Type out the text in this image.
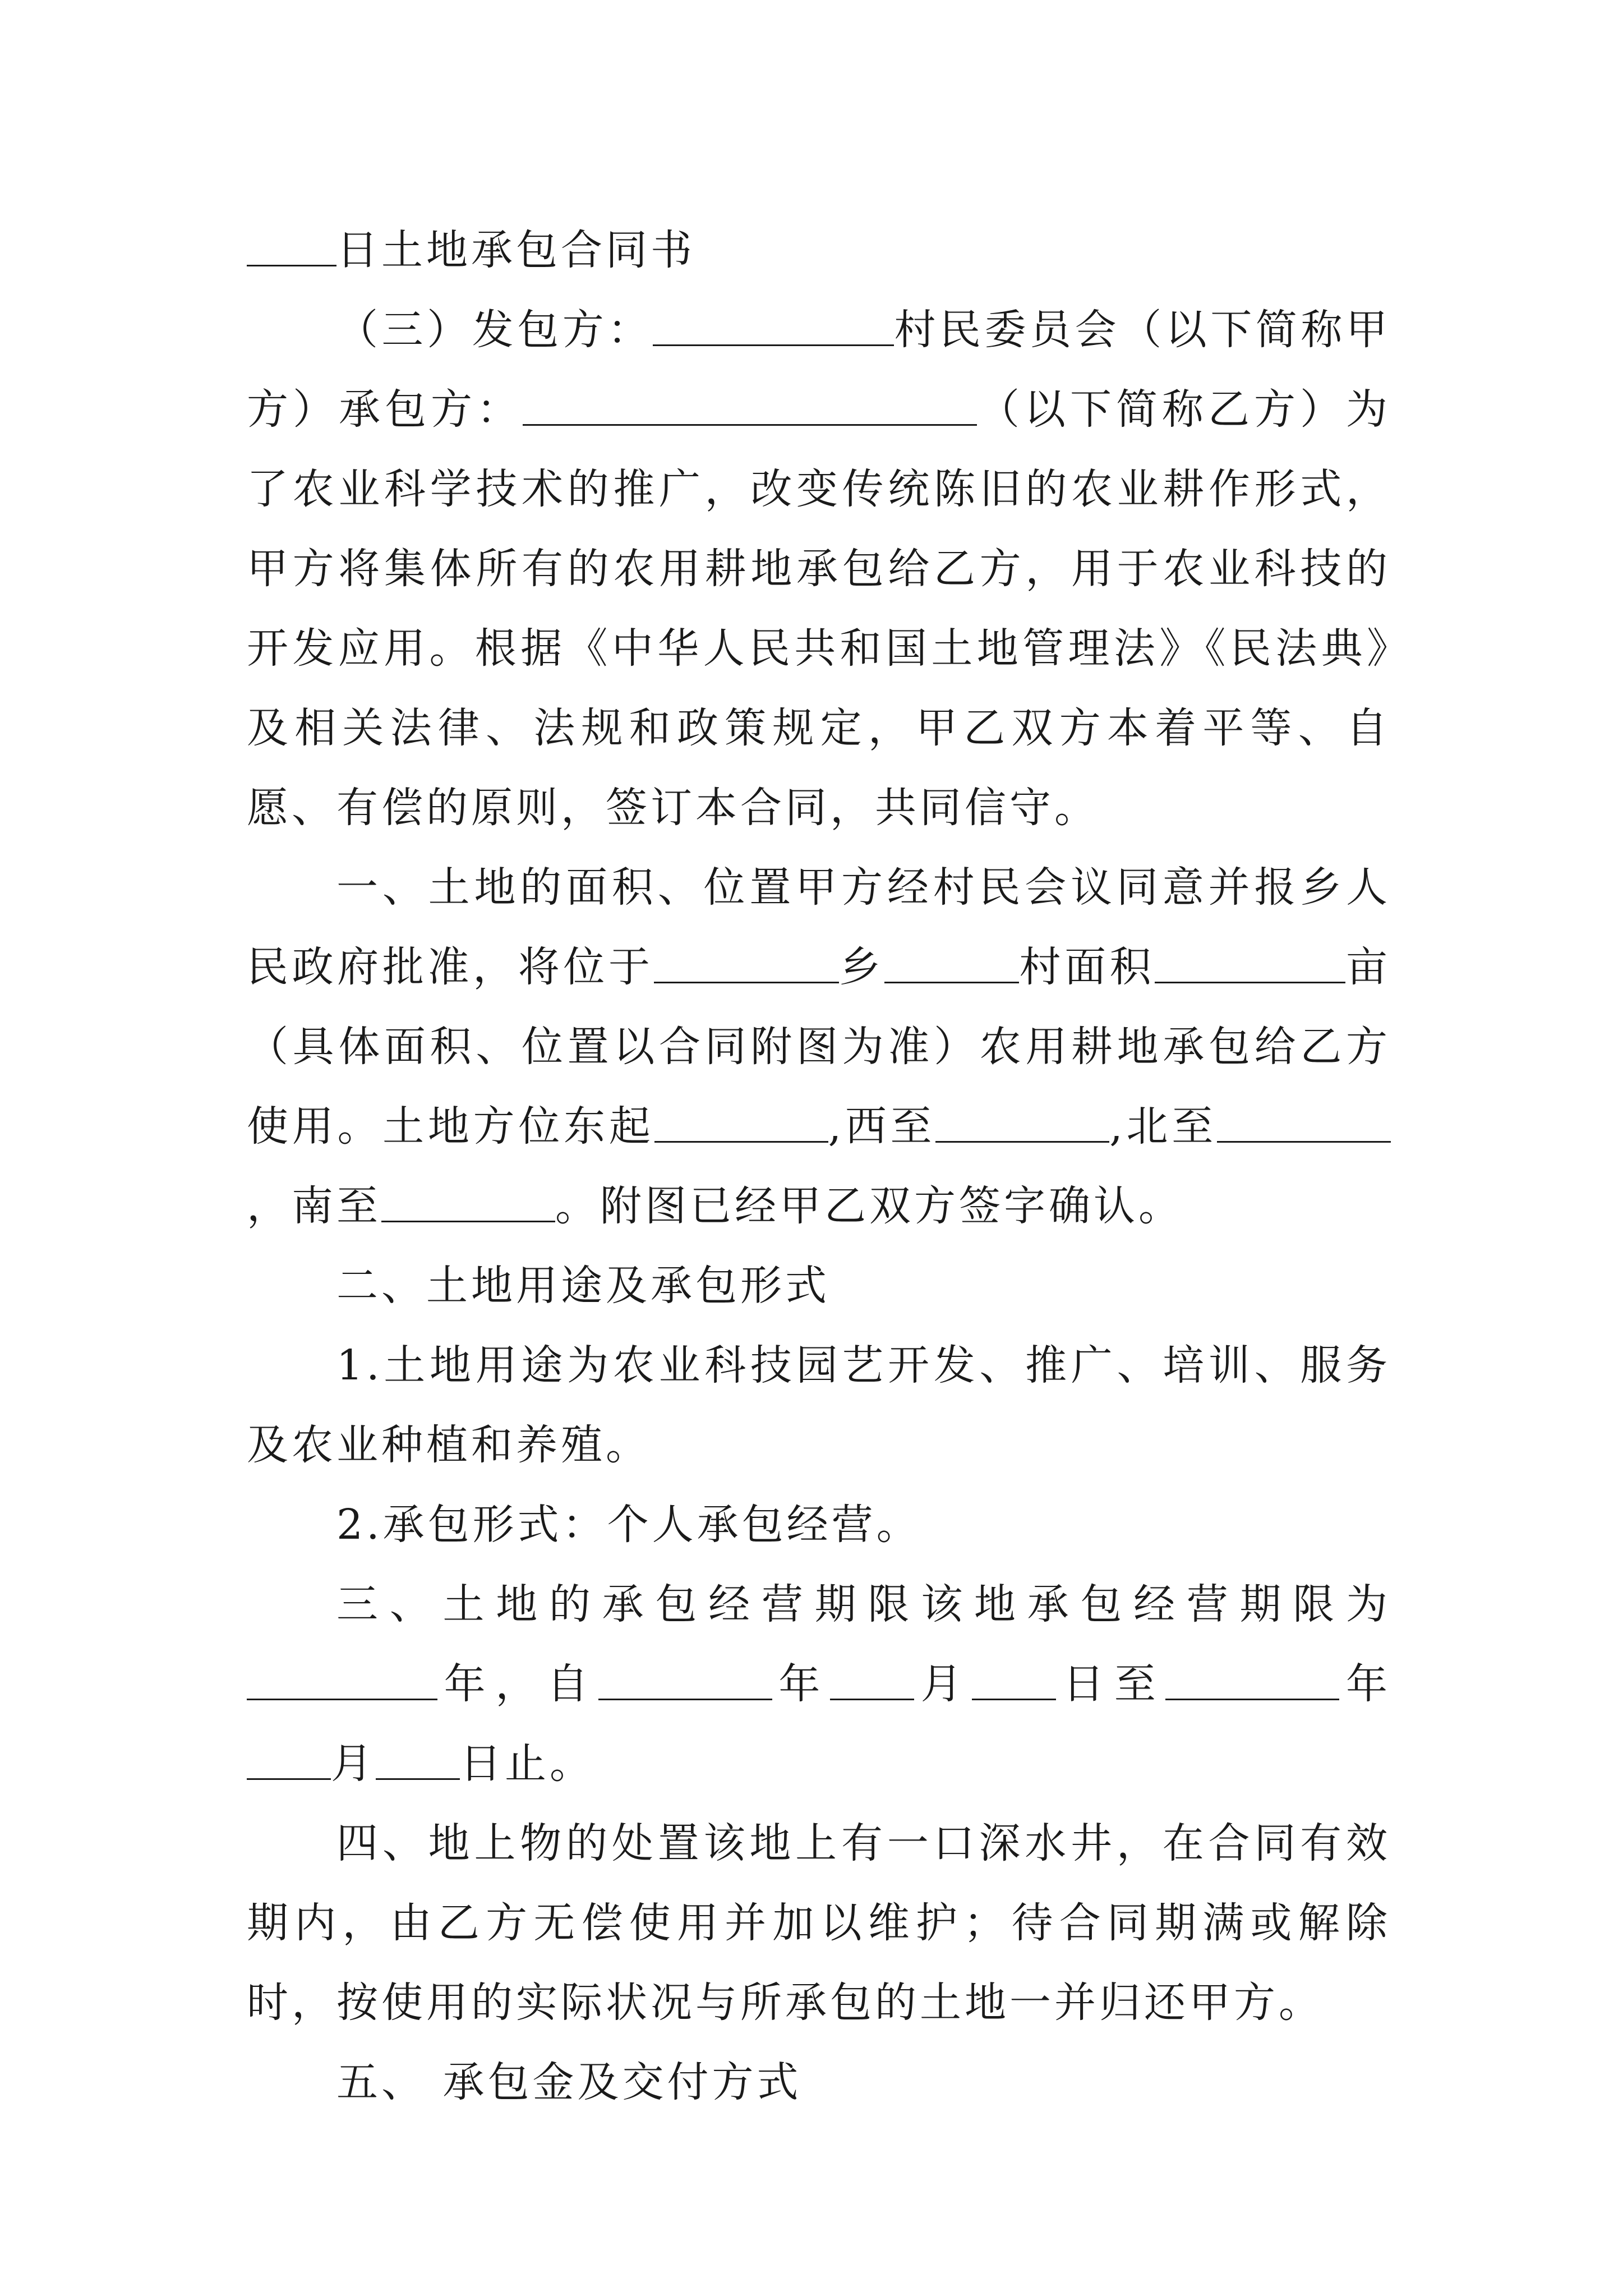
日土地承包合同书

（三）发包方：	村民委员会（以下简称甲方）承包方：	（以下简称乙方）为了农业科学技术的推广，改变传统陈旧的农业耕作形式，甲方将集体所有的农用耕地承包给乙方，用于农业科技的开发应用。根据《中华人民共和国土地管理法》《民法典》及相关法律、法规和政策规定，甲乙双方本着平等、自愿、有偿的原则，签订本合同，共同信守。

一、土地的面积、位置甲方经村民会议同意并报乡人民政府批准，将位于	乡	村面积	亩（具体面积、位置以合同附图为准）农用耕地承包给乙方使用。土地方位东起	,西至	,北至，南至	。附图已经甲乙双方签字确认。

二、土地用途及承包形式

1.土地用途为农业科技园艺开发、推广、培训、服务及农业种植和养殖。

2.承包形式：个人承包经营。

三、土地的承包经营期限该地承包经营期限为年，自	年 月 日至	年月 日止。

四、地上物的处置该地上有一口深水井，在合同有效期内，由乙方无偿使用并加以维护；待合同期满或解除时，按使用的实际状况与所承包的土地一并归还甲方。

五、 承包金及交付方式
